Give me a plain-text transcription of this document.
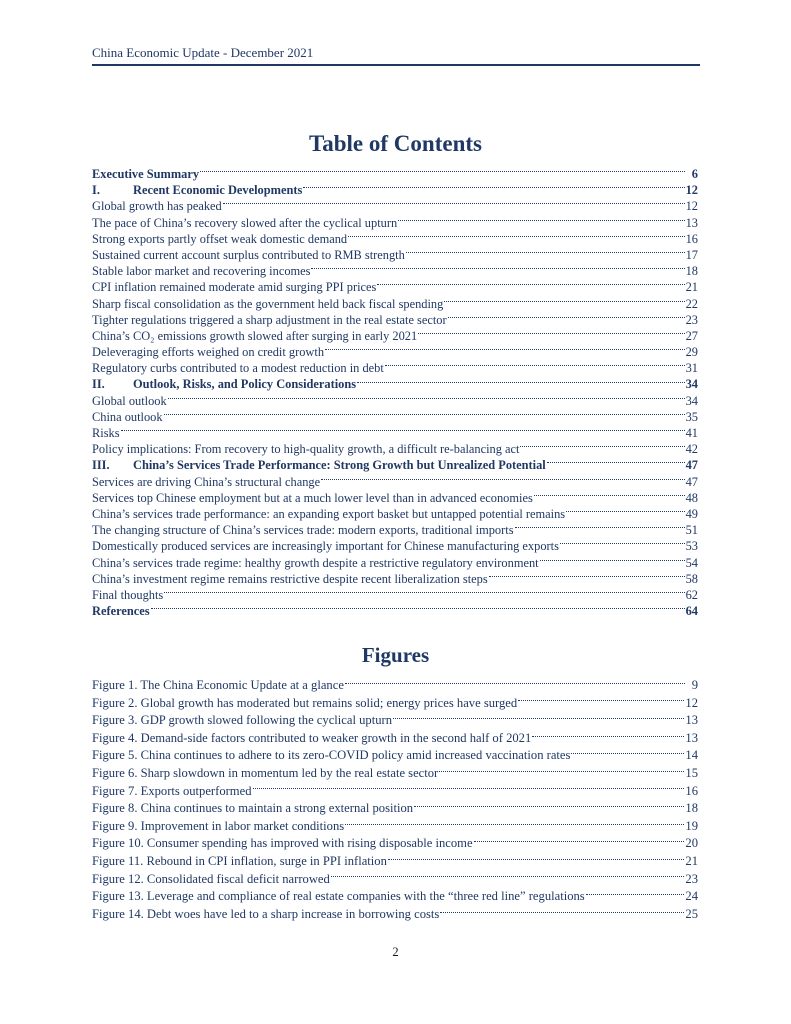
China Economic Update - December 2021
Table of Contents
Executive Summary	6
I.	Recent Economic Developments	12
Global growth has peaked	12
The pace of China’s recovery slowed after the cyclical upturn	13
Strong exports partly offset weak domestic demand	16
Sustained current account surplus contributed to RMB strength	17
Stable labor market and recovering incomes	18
CPI inflation remained moderate amid surging PPI prices	21
Sharp fiscal consolidation as the government held back fiscal spending	22
Tighter regulations triggered a sharp adjustment in the real estate sector	23
China’s CO₂ emissions growth slowed after surging in early 2021	27
Deleveraging efforts weighed on credit growth	29
Regulatory curbs contributed to a modest reduction in debt	31
II.	Outlook, Risks, and Policy Considerations	34
Global outlook	34
China outlook	35
Risks	41
Policy implications: From recovery to high-quality growth, a difficult re-balancing act	42
III.	China’s Services Trade Performance: Strong Growth but Unrealized Potential	47
Services are driving China’s structural change	47
Services top Chinese employment but at a much lower level than in advanced economies	48
China’s services trade performance: an expanding export basket but untapped potential remains	49
The changing structure of China’s services trade: modern exports, traditional imports	51
Domestically produced services are increasingly important for Chinese manufacturing exports	53
China’s services trade regime: healthy growth despite a restrictive regulatory environment	54
China’s investment regime remains restrictive despite recent liberalization steps	58
Final thoughts	62
References	64
Figures
Figure 1. The China Economic Update at a glance	9
Figure 2. Global growth has moderated but remains solid; energy prices have surged	12
Figure 3. GDP growth slowed following the cyclical upturn	13
Figure 4. Demand-side factors contributed to weaker growth in the second half of 2021	13
Figure 5. China continues to adhere to its zero-COVID policy amid increased vaccination rates	14
Figure 6. Sharp slowdown in momentum led by the real estate sector	15
Figure 7. Exports outperformed	16
Figure 8. China continues to maintain a strong external position	18
Figure 9. Improvement in labor market conditions	19
Figure 10. Consumer spending has improved with rising disposable income	20
Figure 11. Rebound in CPI inflation, surge in PPI inflation	21
Figure 12. Consolidated fiscal deficit narrowed	23
Figure 13. Leverage and compliance of real estate companies with the “three red line” regulations	24
Figure 14. Debt woes have led to a sharp increase in borrowing costs	25
2
